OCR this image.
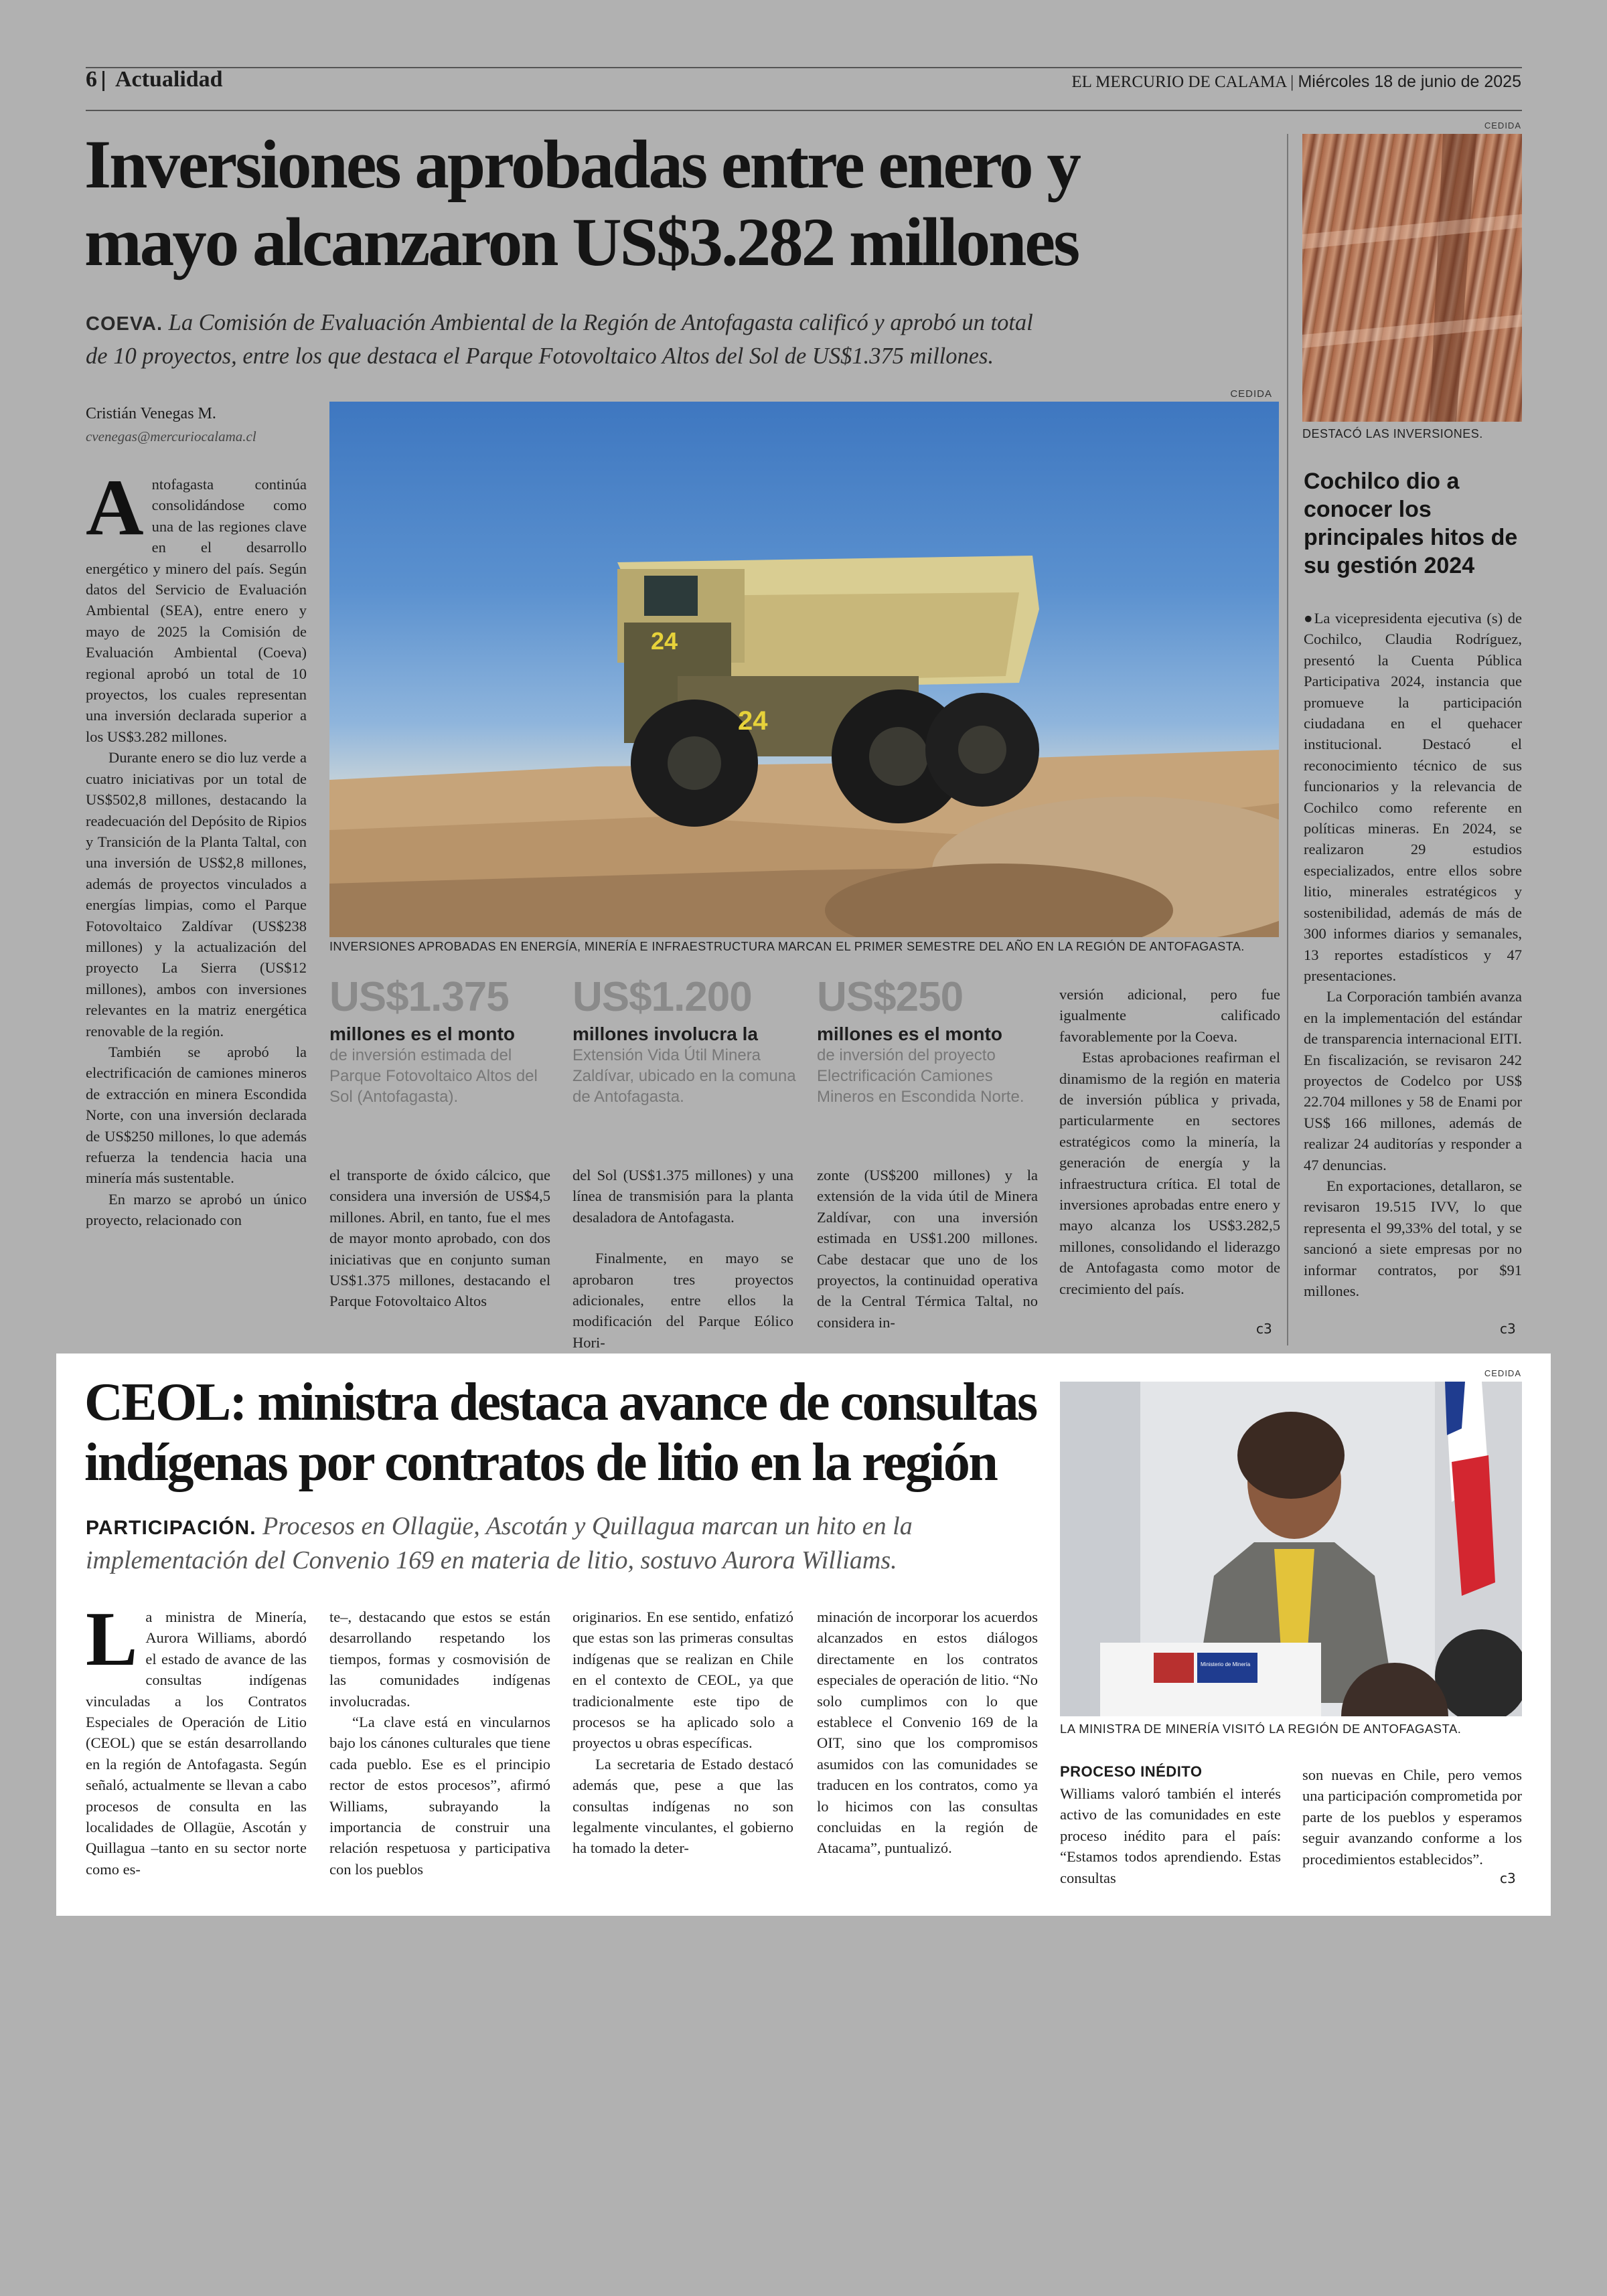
6 Actualidad	EL MERCURIO DE CALAMA | Miércoles 18 de junio de 2025
Inversiones aprobadas entre enero y
mayo alcanzaron US$3.282 millones
COEVA. La Comisión de Evaluación Ambiental de la Región de Antofagasta calificó y aprobó un total
de 10 proyectos, entre los que destaca el Parque Fotovoltaico Altos del Sol de US$1.375 millones.
Cristián Venegas M.
cvenegas@mercuriocalama.cl
CEDIDA
24
24
INVERSIONES APROBADAS EN ENERGÍA, MINERÍA E INFRAESTRUCTURA MARCAN EL PRIMER SEMESTRE DEL AÑO EN LA REGIÓN DE ANTOFAGASTA.

Antofagasta continúa consolidándose como una de las regiones clave en el desarrollo energético y minero del país. Según datos del Servicio de Evaluación Ambiental (SEA), entre enero y mayo de 2025 la Comisión de Evaluación Ambiental (Coeva) regional aprobó un total de 10 proyectos, los cuales representan una inversión declarada superior a los US$3.282 millones.

Durante enero se dio luz verde a cuatro iniciativas por un total de US$502,8 millones, destacando la readecuación del Depósito de Ripios y Transición de la Planta Taltal, con una inversión de US$2,8 millones, además de proyectos vinculados a energías limpias, como el Parque Fotovoltaico Zaldívar (US$238 millones) y la actualización del proyecto La Sierra (US$12 millones), ambos con inversiones relevantes en la matriz energética renovable de la región.

También se aprobó la electrificación de camiones mineros de extracción en minera Escondida Norte, con una inversión declarada de US$250 millones, lo que además refuerza la tendencia hacia una minería más sustentable.

En marzo se aprobó un único proyecto, relacionado con

US$1.375
millones es el monto
de inversión estimada del Parque Fotovoltaico Altos del Sol (Antofagasta).
US$1.200
millones involucra la
Extensión Vida Útil Minera Zaldívar, ubicado en la comuna de Antofagasta.
US$250
millones es el monto
de inversión del proyecto Electrificación Camiones Mineros en Escondida Norte.

el transporte de óxido cálcico, que considera una inversión de US$4,5 millones. Abril, en tanto, fue el mes de mayor monto aprobado, con dos iniciativas que en conjunto suman US$1.375 millones, destacando el Parque Fotovoltaico Altos

del Sol (US$1.375 millones) y una línea de transmisión para la planta desaladora de Antofagasta.

Finalmente, en mayo se aprobaron tres proyectos adicionales, entre ellos la modificación del Parque Eólico Hori-

zonte (US$200 millones) y la extensión de la vida útil de Minera Zaldívar, con una inversión estimada en US$1.200 millones. Cabe destacar que uno de los proyectos, la continuidad operativa de la Central Térmica Taltal, no considera in-

versión adicional, pero fue igualmente calificado favorablemente por la Coeva.

Estas aprobaciones reafirman el dinamismo de la región en materia de inversión pública y privada, particularmente en sectores estratégicos como la minería, la generación de energía y la infraestructura crítica. El total de inversiones aprobadas entre enero y mayo alcanza los US$3.282,5 millones, consolidando el liderazgo de Antofagasta como motor de crecimiento del país.

c3
CEDIDA
DESTACÓ LAS INVERSIONES.
Cochilco dio a conocer los principales hitos de su gestión 2024

●La vicepresidenta ejecutiva (s) de Cochilco, Claudia Rodríguez, presentó la Cuenta Pública Participativa 2024, instancia que promueve la participación ciudadana en el quehacer institucional. Destacó el reconocimiento técnico de sus funcionarios y la relevancia de Cochilco como referente en políticas mineras. En 2024, se realizaron 29 estudios especializados, entre ellos sobre litio, minerales estratégicos y sostenibilidad, además de más de 300 informes diarios y semanales, 13 reportes estadísticos y 47 presentaciones.

La Corporación también avanza en la implementación del estándar de transparencia internacional EITI. En fiscalización, se revisaron 242 proyectos de Codelco por US$ 22.704 millones y 58 de Enami por US$ 166 millones, además de realizar 24 auditorías y responder a 47 denuncias.

En exportaciones, detallaron, se revisaron 19.515 IVV, lo que representa el 99,33% del total, y se sancionó a siete empresas por no informar contratos, por $91 millones.

c3
CEOL: ministra destaca avance de consultas
indígenas por contratos de litio en la región
PARTICIPACIÓN. Procesos en Ollagüe, Ascotán y Quillagua marcan un hito en la
implementación del Convenio 169 en materia de litio, sostuvo Aurora Williams.
CEDIDA
Ministerio de Minería
LA MINISTRA DE MINERÍA VISITÓ LA REGIÓN DE ANTOFAGASTA.

La ministra de Minería, Aurora Williams, abordó el estado de avance de las consultas indígenas vinculadas a los Contratos Especiales de Operación de Litio (CEOL) que se están desarrollando en la región de Antofagasta. Según señaló, actualmente se llevan a cabo procesos de consulta en las localidades de Ollagüe, Ascotán y Quillagua –tanto en su sector norte como es-

te–, destacando que estos se están desarrollando respetando los tiempos, formas y cosmovisión de las comunidades indígenas involucradas.

“La clave está en vincularnos bajo los cánones culturales que tiene cada pueblo. Ese es el principio rector de estos procesos”, afirmó Williams, subrayando la importancia de construir una relación respetuosa y participativa con los pueblos

originarios. En ese sentido, enfatizó que estas son las primeras consultas indígenas que se realizan en Chile en el contexto de CEOL, ya que tradicionalmente este tipo de procesos se ha aplicado solo a proyectos u obras específicas.

La secretaria de Estado destacó además que, pese a que las consultas indígenas no son legalmente vinculantes, el gobierno ha tomado la deter-

minación de incorporar los acuerdos alcanzados en estos diálogos directamente en los contratos especiales de operación de litio. “No solo cumplimos con lo que establece el Convenio 169 de la OIT, sino que los compromisos asumidos con las comunidades se traducen en los contratos, como ya lo hicimos con las consultas concluidas en la región de Atacama”, puntualizó.

PROCESO INÉDITO

Williams valoró también el interés activo de las comunidades en este proceso inédito para el país: “Estamos todos aprendiendo. Estas consultas

son nuevas en Chile, pero vemos una participación comprometida por parte de los pueblos y esperamos seguir avanzando conforme a los procedimientos establecidos”.

c3
